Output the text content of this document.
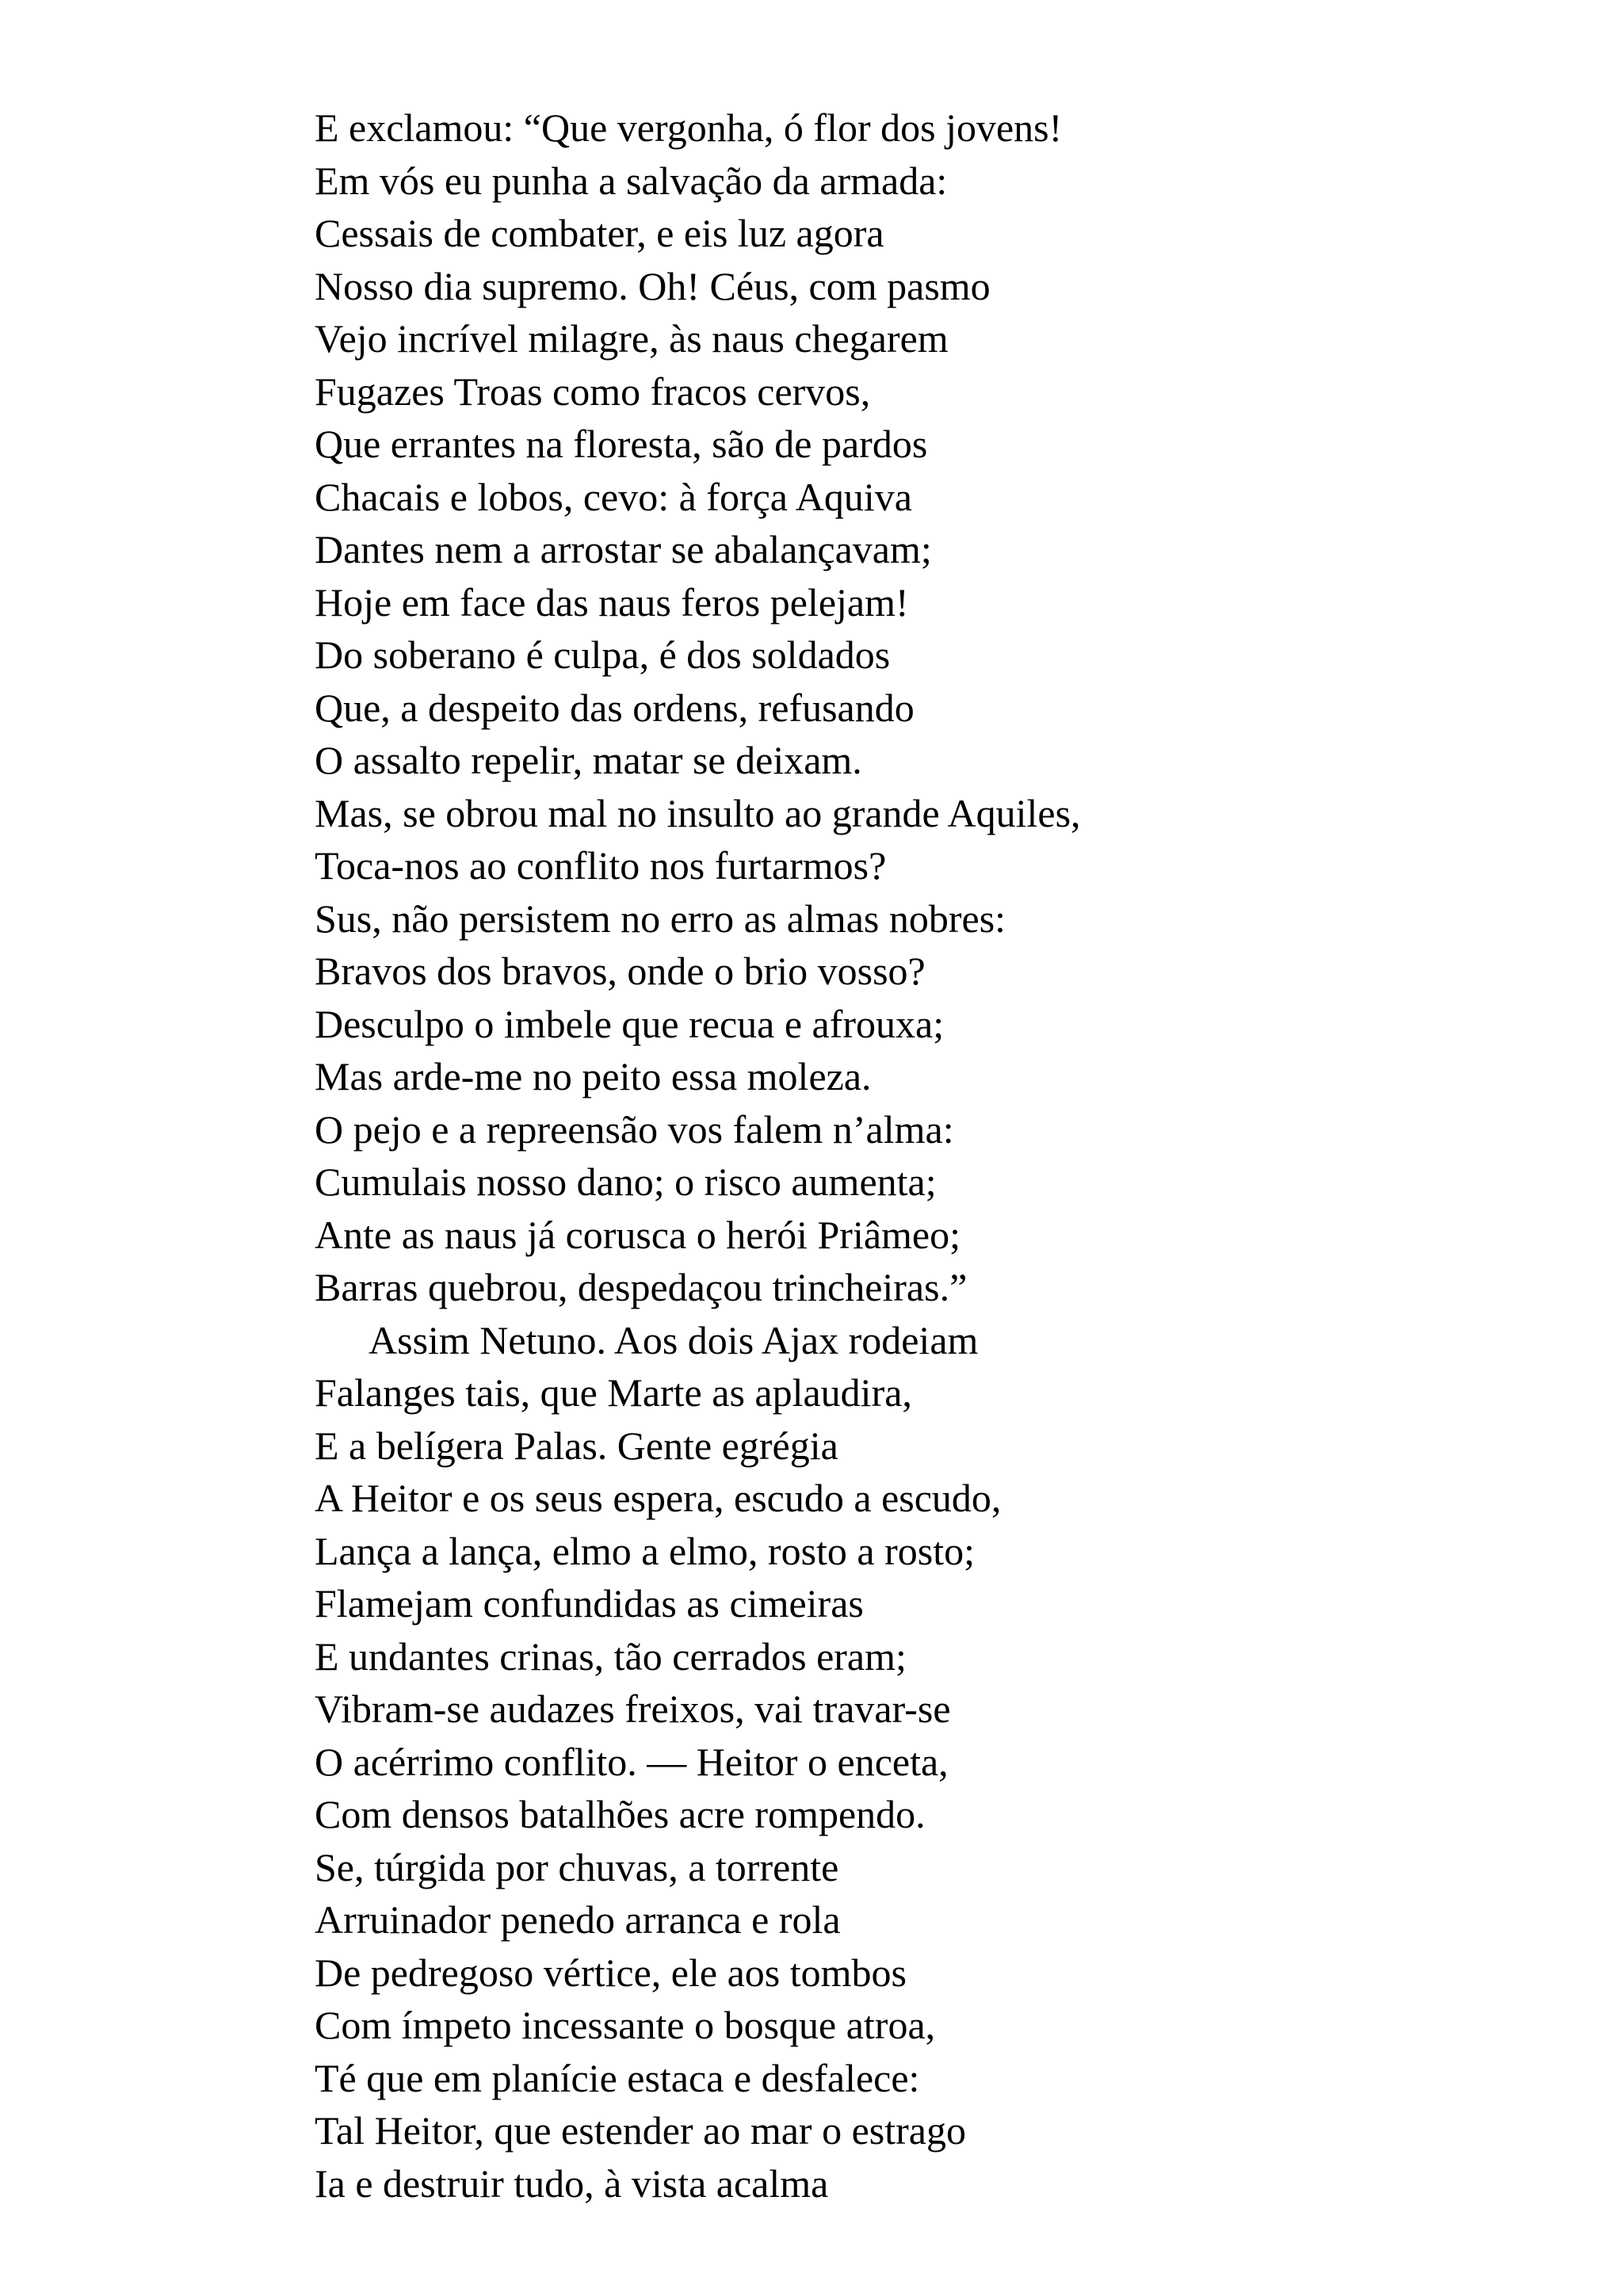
E exclamou: “Que vergonha, ó flor dos jovens!
Em vós eu punha a salvação da armada:
Cessais de combater, e eis luz agora
Nosso dia supremo. Oh! Céus, com pasmo
Vejo incrível milagre, às naus chegarem
Fugazes Troas como fracos cervos,
Que errantes na floresta, são de pardos
Chacais e lobos, cevo: à força Aquiva
Dantes nem a arrostar se abalançavam;
Hoje em face das naus feros pelejam!
Do soberano é culpa, é dos soldados
Que, a despeito das ordens, refusando
O assalto repelir, matar se deixam.
Mas, se obrou mal no insulto ao grande Aquiles,
Toca-nos ao conflito nos furtarmos?
Sus, não persistem no erro as almas nobres:
Bravos dos bravos, onde o brio vosso?
Desculpo o imbele que recua e afrouxa;
Mas arde-me no peito essa moleza.
O pejo e a repreensão vos falem n’alma:
Cumulais nosso dano; o risco aumenta;
Ante as naus já corusca o herói Priâmeo;
Barras quebrou, despedaçou trincheiras.”
Assim Netuno. Aos dois Ajax rodeiam
Falanges tais, que Marte as aplaudira,
E a belígera Palas. Gente egrégia
A Heitor e os seus espera, escudo a escudo,
Lança a lança, elmo a elmo, rosto a rosto;
Flamejam confundidas as cimeiras
E undantes crinas, tão cerrados eram;
Vibram-se audazes freixos, vai travar-se
O acérrimo conflito. — Heitor o enceta,
Com densos batalhões acre rompendo.
Se, túrgida por chuvas, a torrente
Arruinador penedo arranca e rola
De pedregoso vértice, ele aos tombos
Com ímpeto incessante o bosque atroa,
Té que em planície estaca e desfalece:
Tal Heitor, que estender ao mar o estrago
Ia e destruir tudo, à vista acalma
